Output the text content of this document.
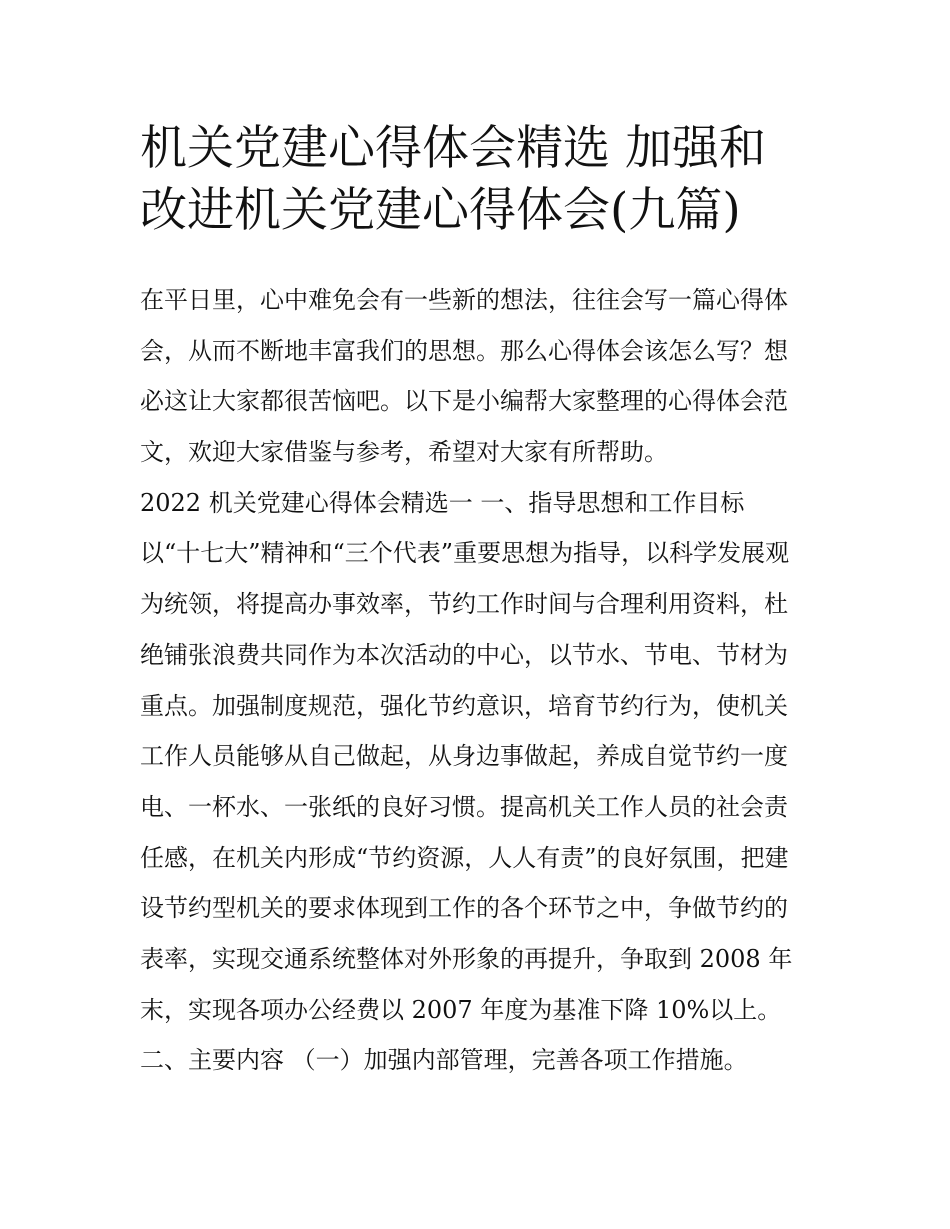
机关党建心得体会精选 加强和
改进机关党建心得体会(九篇)
在平日里，心中难免会有一些新的想法，往往会写一篇心得体
会，从而不断地丰富我们的思想。那么心得体会该怎么写？想
必这让大家都很苦恼吧。以下是小编帮大家整理的心得体会范
文，欢迎大家借鉴与参考，希望对大家有所帮助。
2022 机关党建心得体会精选一 一、指导思想和工作目标
以“十七大”精神和“三个代表”重要思想为指导，以科学发展观
为统领，将提高办事效率，节约工作时间与合理利用资料，杜
绝铺张浪费共同作为本次活动的中心，以节水、节电、节材为
重点。加强制度规范，强化节约意识，培育节约行为，使机关
工作人员能够从自己做起，从身边事做起，养成自觉节约一度
电、一杯水、一张纸的良好习惯。提高机关工作人员的社会责
任感，在机关内形成“节约资源，人人有责”的良好氛围，把建
设节约型机关的要求体现到工作的各个环节之中，争做节约的
表率，实现交通系统整体对外形象的再提升，争取到 2008 年
末，实现各项办公经费以 2007 年度为基准下降 10%以上。
二、主要内容 （一）加强内部管理，完善各项工作措施。
